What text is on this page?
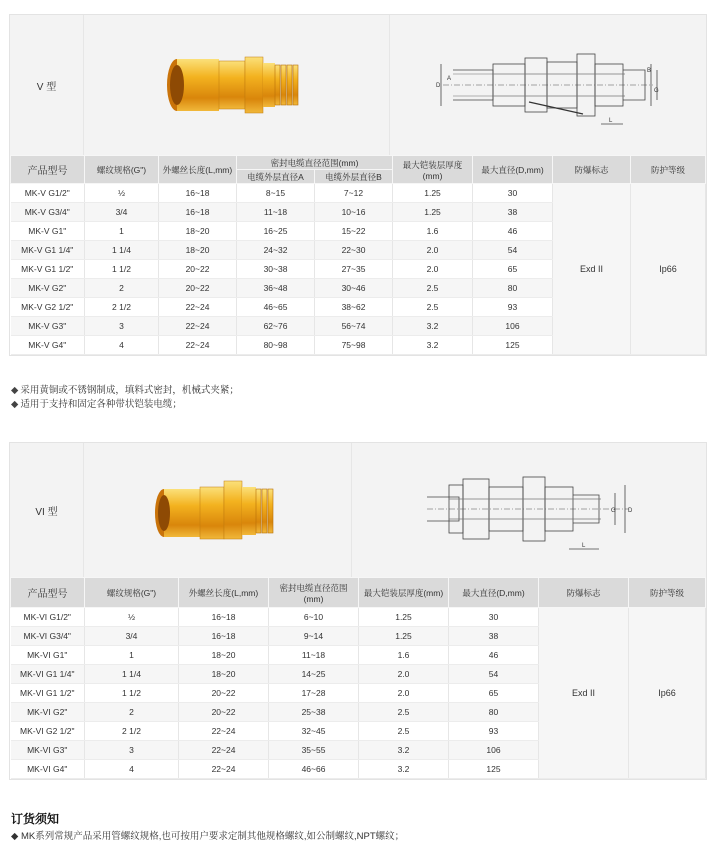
V 型	D
B
G
L
A
产品型号	螺纹规格(G")	外螺丝长度(L,mm)	密封电缆直径范围(mm)		最大铠装层厚度(mm)	最大直径(D,mm)	防爆标志	防护等级
			电缆外层直径A	电缆外层直径B				
MK-V G1/2"	½	16~18	8~15	7~12	1.25	30	Exd II	Ip66
MK-V G3/4"	3/4	16~18	11~18	10~16	1.25	38		
MK-V G1"	1	18~20	16~25	15~22	1.6	46		
MK-V G1 1/4"	1 1/4	18~20	24~32	22~30	2.0	54		
MK-V G1 1/2"	1 1/2	20~22	30~38	27~35	2.0	65		
MK-V G2"	2	20~22	36~48	30~46	2.5	80		
MK-V G2 1/2"	2 1/2	22~24	46~65	38~62	2.5	93		
MK-V G3"	3	22~24	62~76	56~74	3.2	106		
MK-V G4"	4	22~24	80~98	75~98	3.2	125		
◆ 采用黄铜或不锈钢制成，填料式密封，机械式夹紧；
◆ 适用于支持和固定各种带状铠装电缆；
VI 型	G D
L
产品型号	螺纹规格(G")	外螺丝长度(L,mm)	密封电缆直径范围(mm)	最大铠装层厚度(mm)	最大直径(D,mm)	防爆标志	防护等级
MK-VI G1/2"	½	16~18	6~10	1.25	30	Exd II	Ip66
MK-VI G3/4"	3/4	16~18	9~14	1.25	38		
MK-VI G1"	1	18~20	11~18	1.6	46		
MK-VI G1 1/4"	1 1/4	18~20	14~25	2.0	54		
MK-VI G1 1/2"	1 1/2	20~22	17~28	2.0	65		
MK-VI G2"	2	20~22	25~38	2.5	80		
MK-VI G2 1/2"	2 1/2	22~24	32~45	2.5	93		
MK-VI G3"	3	22~24	35~55	3.2	106		
MK-VI G4"	4	22~24	46~66	3.2	125		
订货须知
◆ MK系列常规产品采用管螺纹规格,也可按用户要求定制其他规格螺纹,如公制螺纹,NPT螺纹；
